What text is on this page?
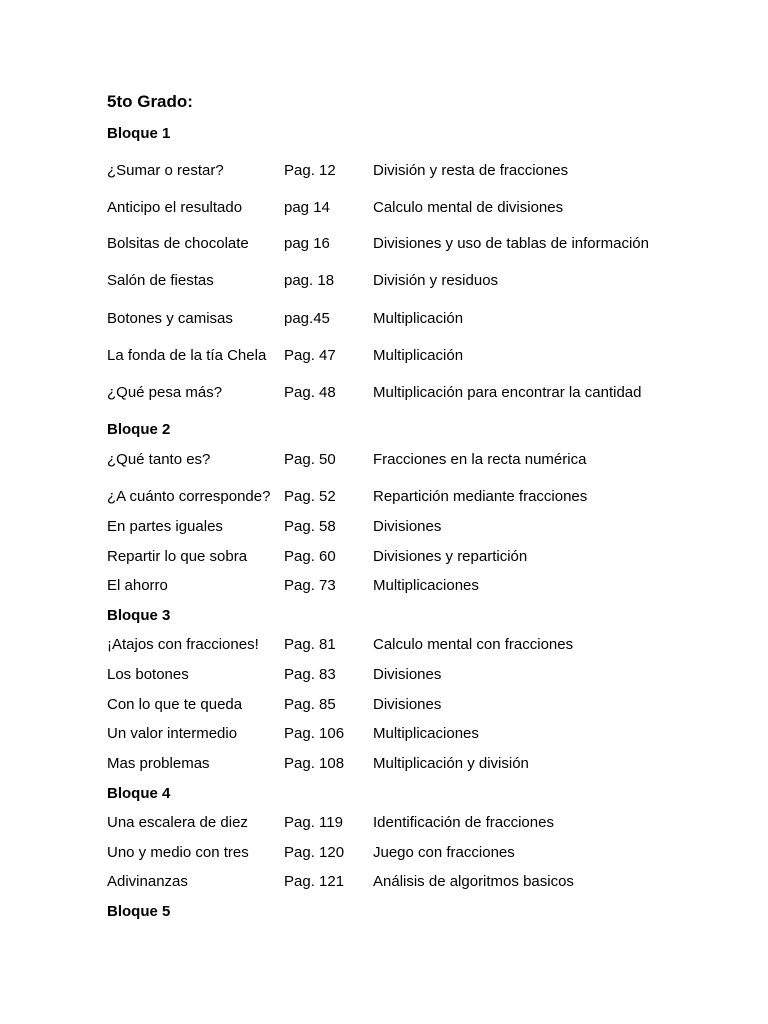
5to Grado:
Bloque 1
¿Sumar o restar?	Pag. 12 División y resta de fracciones
Anticipo el resultado	pag 14	Calculo mental de divisiones
Bolsitas de chocolate pag 16	Divisiones y uso de tablas de información
Salón de fiestas	pag. 18	División y residuos
Botones y camisas	pag.45	Multiplicación
La fonda de la tía Chela Pag. 47 Multiplicación
¿Qué pesa más?	Pag. 48 Multiplicación para encontrar la cantidad
Bloque 2
¿Qué tanto es?	Pag. 50 Fracciones en la recta numérica
¿A cuánto corresponde? Pag. 52 Repartición mediante fracciones
En partes iguales	Pag. 58 Divisiones
Repartir lo que sobra Pag. 60 Divisiones y repartición
El ahorro	Pag. 73 Multiplicaciones
Bloque 3
¡Atajos con fracciones! Pag. 81 Calculo mental con fracciones
Los botones	Pag. 83 Divisiones
Con lo que te queda	Pag. 85 Divisiones
Un valor intermedio	Pag. 106 Multiplicaciones
Mas problemas	Pag. 108 Multiplicación y división
Bloque 4
Una escalera de diez Pag. 119 Identificación de fracciones
Uno y medio con tres Pag. 120 Juego con fracciones
Adivinanzas	Pag. 121 Análisis de algoritmos basicos
Bloque 5
